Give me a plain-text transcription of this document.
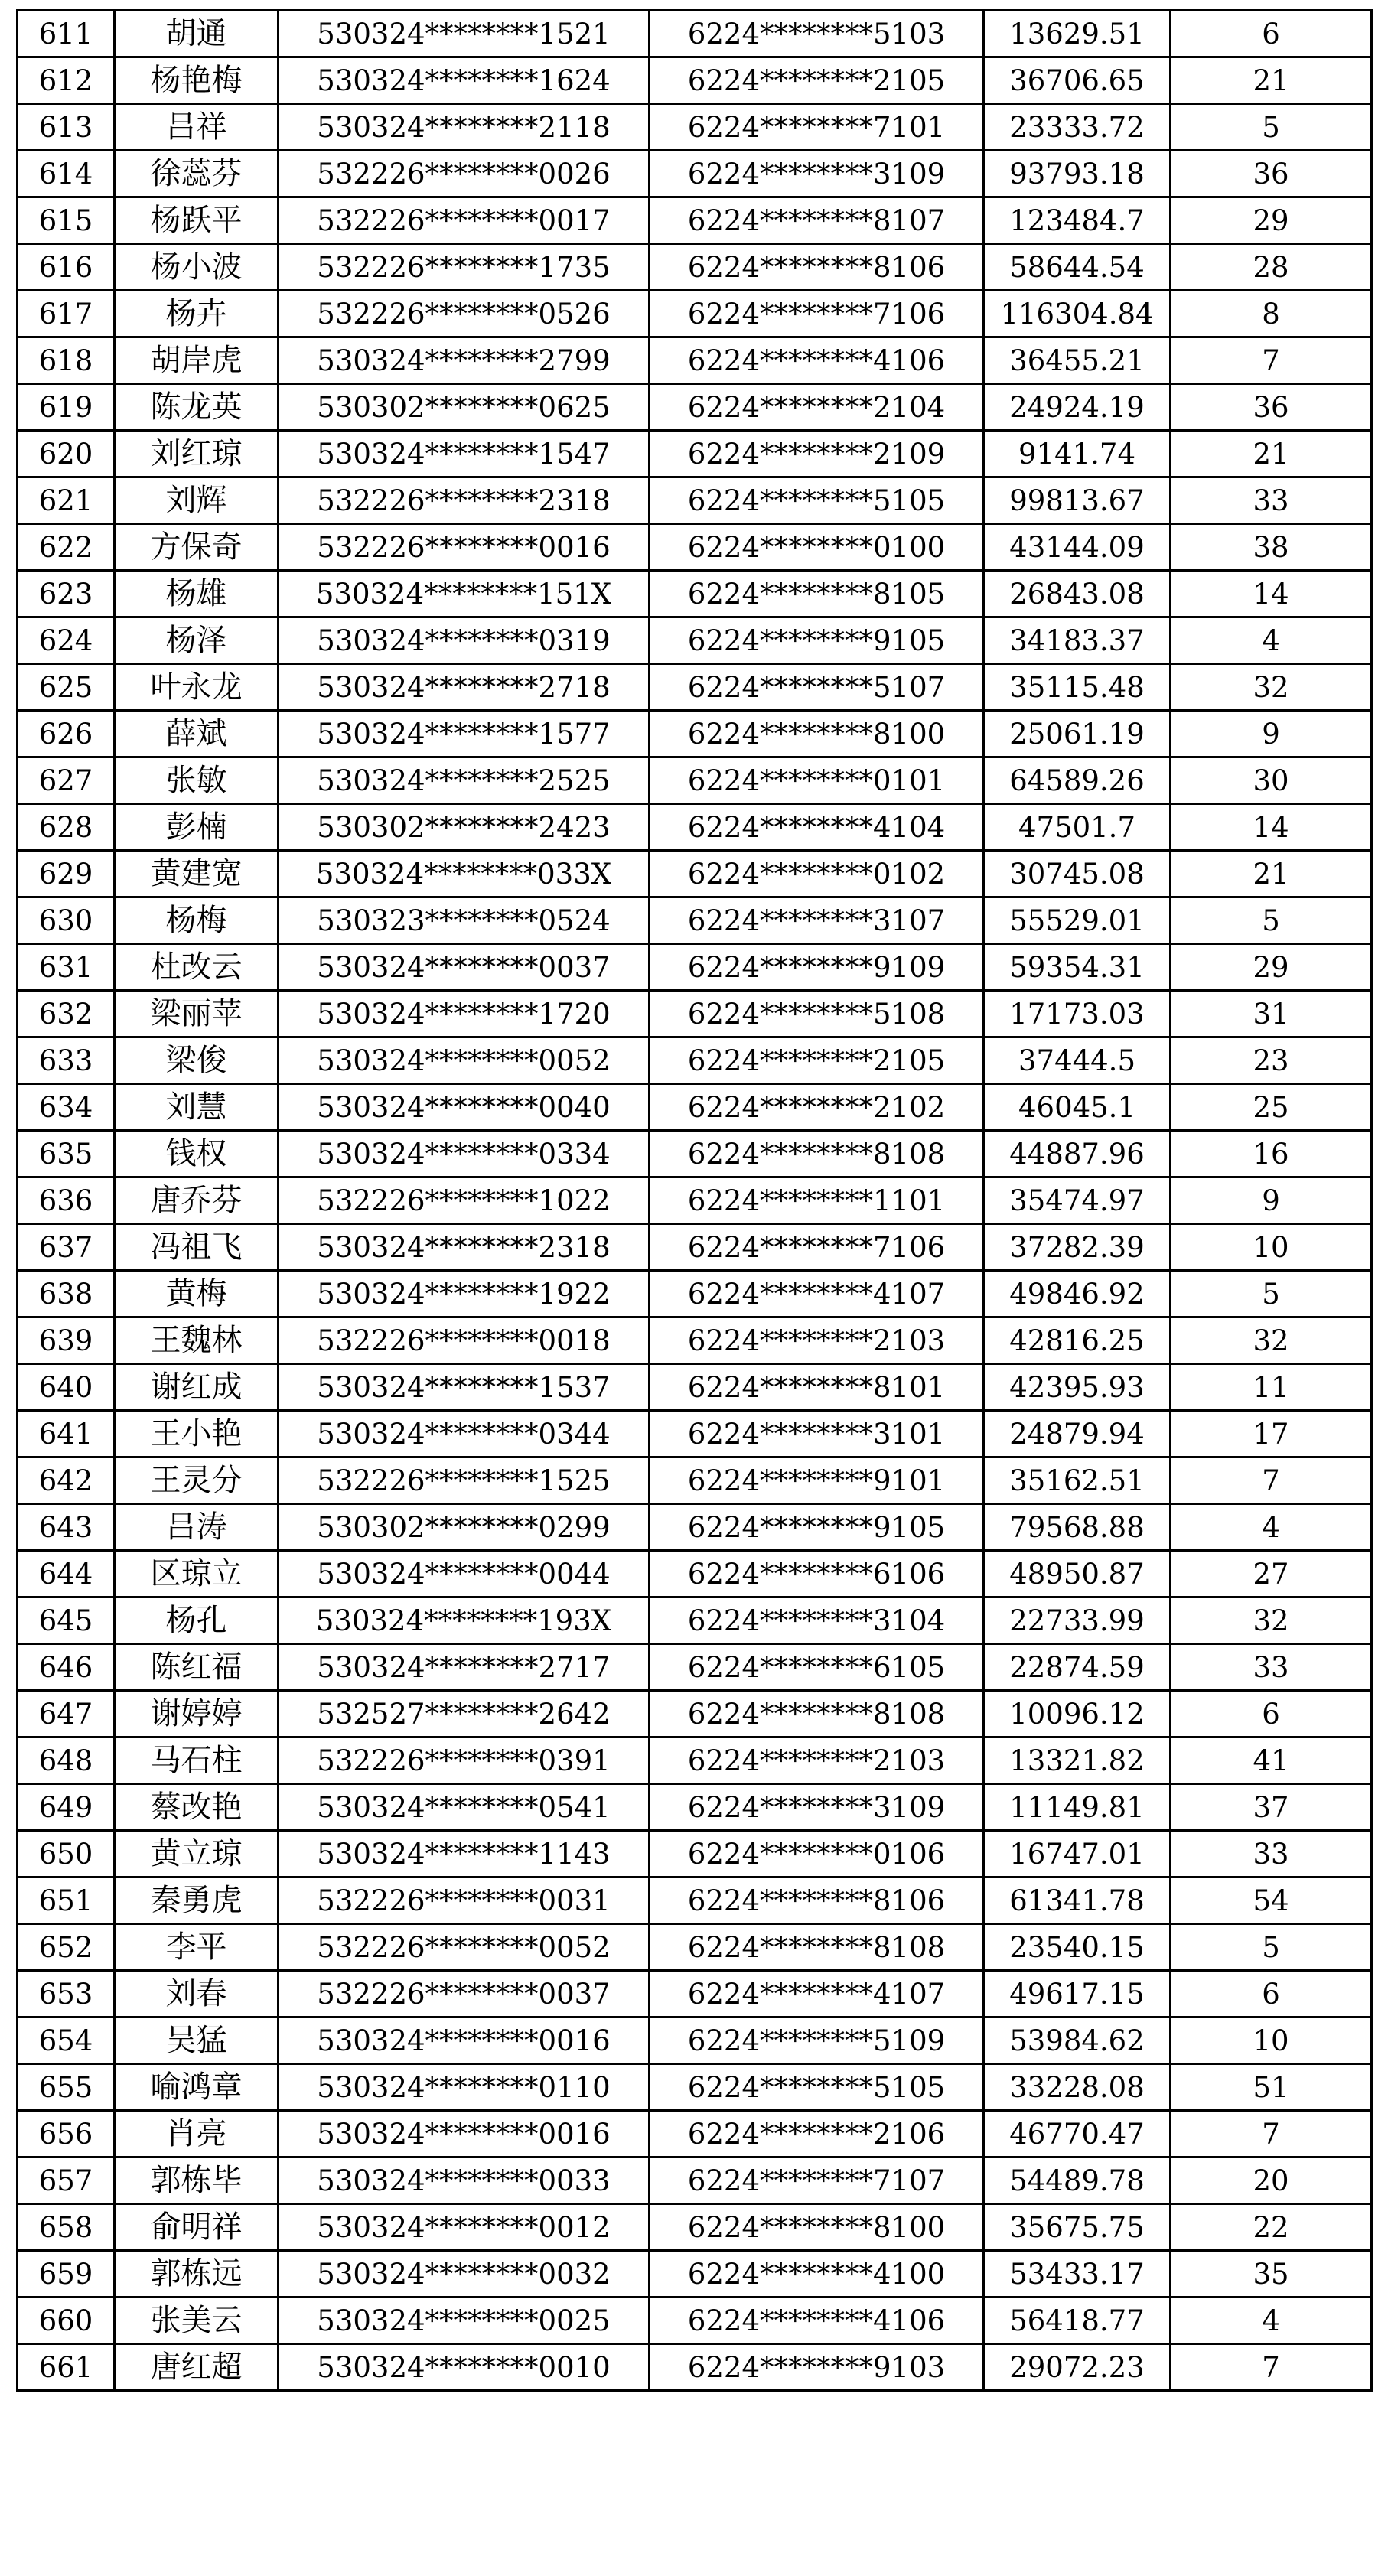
611	胡通	530324********1521	6224********5103	13629.51	6
612	杨艳梅	530324********1624	6224********2105	36706.65	21
613	吕祥	530324********2118	6224********7101	23333.72	5
614	徐蕊芬	532226********0026	6224********3109	93793.18	36
615	杨跃平	532226********0017	6224********8107	123484.7	29
616	杨小波	532226********1735	6224********8106	58644.54	28
617	杨卉	532226********0526	6224********7106	116304.84	8
618	胡岸虎	530324********2799	6224********4106	36455.21	7
619	陈龙英	530302********0625	6224********2104	24924.19	36
620	刘红琼	530324********1547	6224********2109	9141.74	21
621	刘辉	532226********2318	6224********5105	99813.67	33
622	方保奇	532226********0016	6224********0100	43144.09	38
623	杨雄	530324********151X	6224********8105	26843.08	14
624	杨泽	530324********0319	6224********9105	34183.37	4
625	叶永龙	530324********2718	6224********5107	35115.48	32
626	薛斌	530324********1577	6224********8100	25061.19	9
627	张敏	530324********2525	6224********0101	64589.26	30
628	彭楠	530302********2423	6224********4104	47501.7	14
629	黄建宽	530324********033X	6224********0102	30745.08	21
630	杨梅	530323********0524	6224********3107	55529.01	5
631	杜改云	530324********0037	6224********9109	59354.31	29
632	梁丽苹	530324********1720	6224********5108	17173.03	31
633	梁俊	530324********0052	6224********2105	37444.5	23
634	刘慧	530324********0040	6224********2102	46045.1	25
635	钱权	530324********0334	6224********8108	44887.96	16
636	唐乔芬	532226********1022	6224********1101	35474.97	9
637	冯祖飞	530324********2318	6224********7106	37282.39	10
638	黄梅	530324********1922	6224********4107	49846.92	5
639	王魏林	532226********0018	6224********2103	42816.25	32
640	谢红成	530324********1537	6224********8101	42395.93	11
641	王小艳	530324********0344	6224********3101	24879.94	17
642	王灵分	532226********1525	6224********9101	35162.51	7
643	吕涛	530302********0299	6224********9105	79568.88	4
644	区琼立	530324********0044	6224********6106	48950.87	27
645	杨孔	530324********193X	6224********3104	22733.99	32
646	陈红福	530324********2717	6224********6105	22874.59	33
647	谢婷婷	532527********2642	6224********8108	10096.12	6
648	马石柱	532226********0391	6224********2103	13321.82	41
649	蔡改艳	530324********0541	6224********3109	11149.81	37
650	黄立琼	530324********1143	6224********0106	16747.01	33
651	秦勇虎	532226********0031	6224********8106	61341.78	54
652	李平	532226********0052	6224********8108	23540.15	5
653	刘春	532226********0037	6224********4107	49617.15	6
654	吴猛	530324********0016	6224********5109	53984.62	10
655	喻鸿章	530324********0110	6224********5105	33228.08	51
656	肖亮	530324********0016	6224********2106	46770.47	7
657	郭栋毕	530324********0033	6224********7107	54489.78	20
658	俞明祥	530324********0012	6224********8100	35675.75	22
659	郭栋远	530324********0032	6224********4100	53433.17	35
660	张美云	530324********0025	6224********4106	56418.77	4
661	唐红超	530324********0010	6224********9103	29072.23	7
